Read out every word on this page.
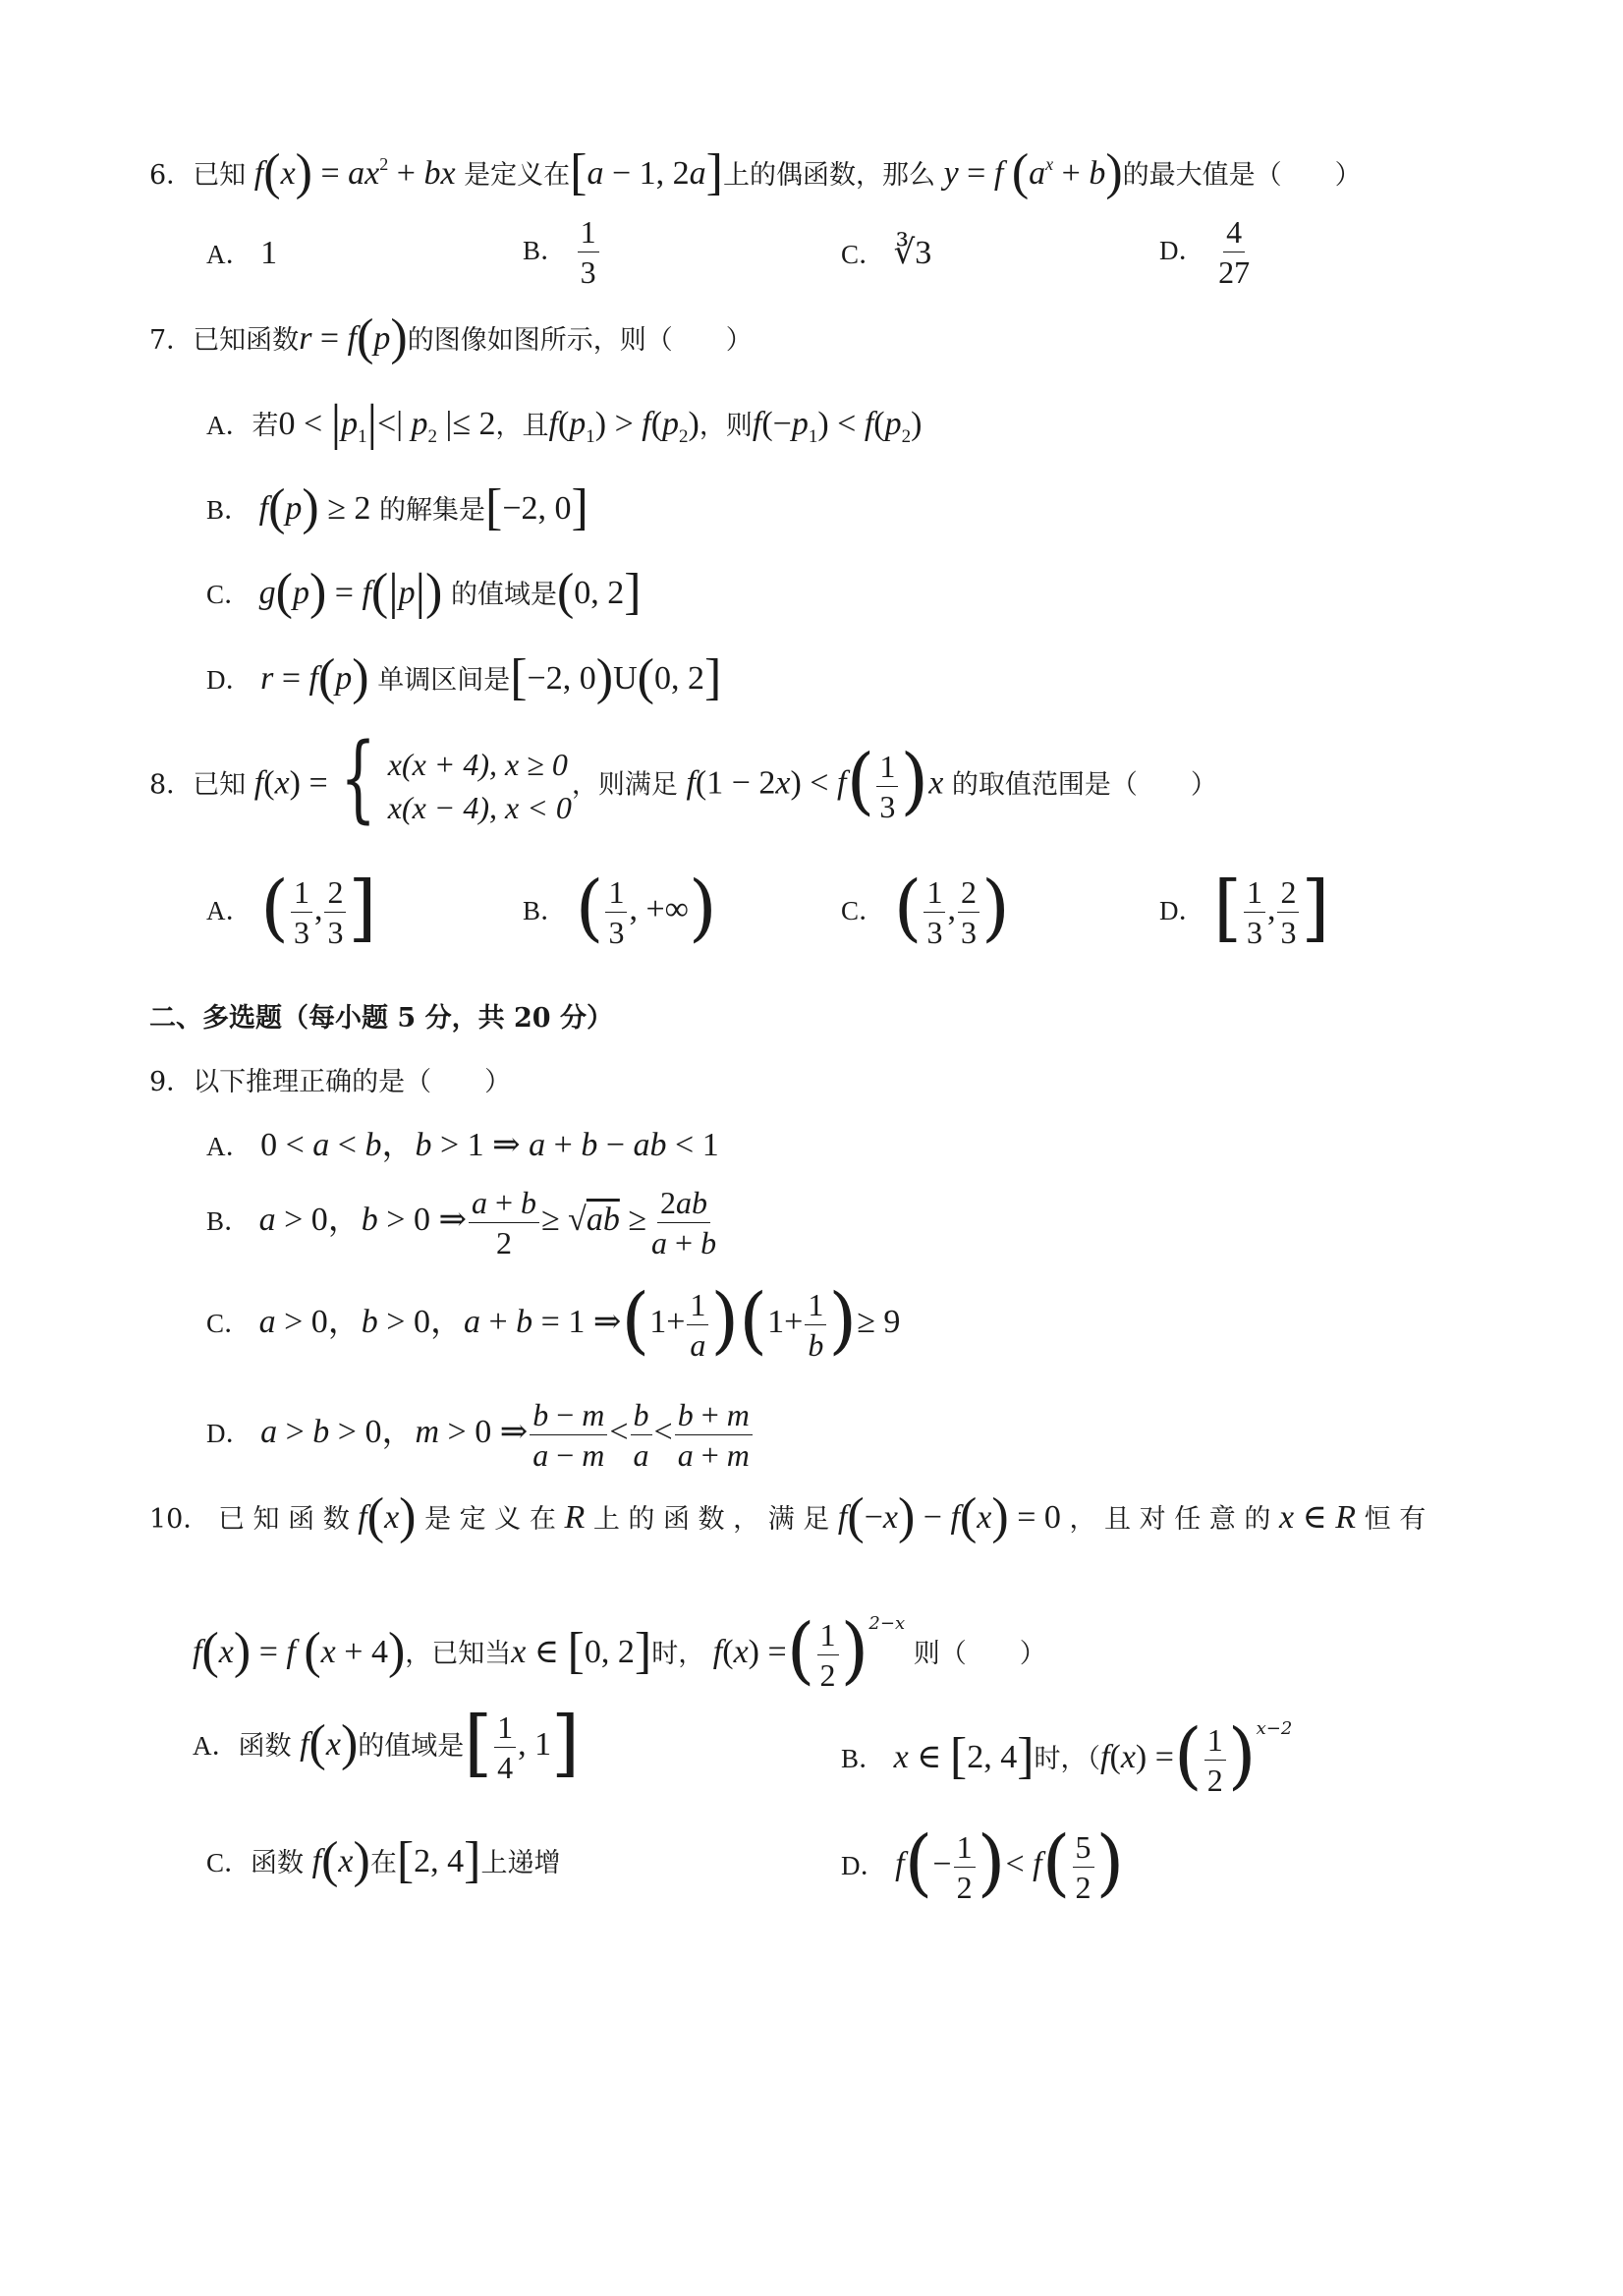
6．已知 $f(x) = ax^2$ + bx 是定义在[a − 1, 2a]上的偶函数，那么 y = f $(a^x + b)$的最大值是（　　）
A． 1	B． $\frac{1}{3}$	C． ∛3	D． $\frac{4}{27}$
7．已知函数r = f(p)的图像如图所示，则（　　）
A．若$0 < |p_1|<|$ $p_2$ |≤ 2，且$f(p_1) > f(p_2)$，则$f(-p_1) < f(p_2)$
B． f(p) ≥ 2 的解集是[−2, 0]
C． g(p) = f(|p|) 的值域是(0, 2]
D． r = f(p) 单调区间是[−2, 0)U(0, 2]
8．已知 f(x) = { x(x + 4), x ≥ 0
x(x − 4), x < 0
，则满足 $f(1 - 2x) < f( \frac{1}{3} )x$ 的取值范围是（　　）
A． ( $\frac{1}{3}$ , $\frac{2}{3}$ ]	B． ( $\frac{1}{3}$ , +∞)	C． ( $\frac{1}{3}$ , $\frac{2}{3}$ )	D． [ $\frac{1}{3}$ , $\frac{2}{3}$ ]
二、多选题（每小题 5 分，共 20 分）
9．以下推理正确的是（　　）
A． 0 < a < b，b > 1 ⇒ a + b − ab < 1
B． a > 0，b > 0 ⇒ $\frac{a + b}{2} \ge √ab \ge \frac{2ab}{a + b}$
C． a > 0，b > 0，a + b = 1 ⇒(1+ $\frac{1}{a} )(1+ \frac{1}{b}$ )≥ 9
D． a > b > 0，m > 0 ⇒ $\frac{b - m}{a - m} < \frac{b}{a} < \frac{b + m}{a + m}$
10． 已 知 函 数 f(x) 是 定 义 在 R 上 的 函 数 ， 满 足 f(−x) − f(x) = 0 ， 且 对 任 意 的 x ∈ R 恒 有
f(x) = f (x + 4)，已知当x ∈ [0, 2]时， f(x) =( $\frac{1}{2} )^{2-x}$ 则（　　）
A．函数 f(x)的值域是[ $\frac{1}{4}$ , 1]	B． x ∈ [2, 4]时，（f(x) =( $\frac{1}{2} )^{x-2}$
C．函数 f(x)在[2, 4]上递增	D． $f(- \frac{1}{2}$ )< $f( \frac{5}{2}$ )
